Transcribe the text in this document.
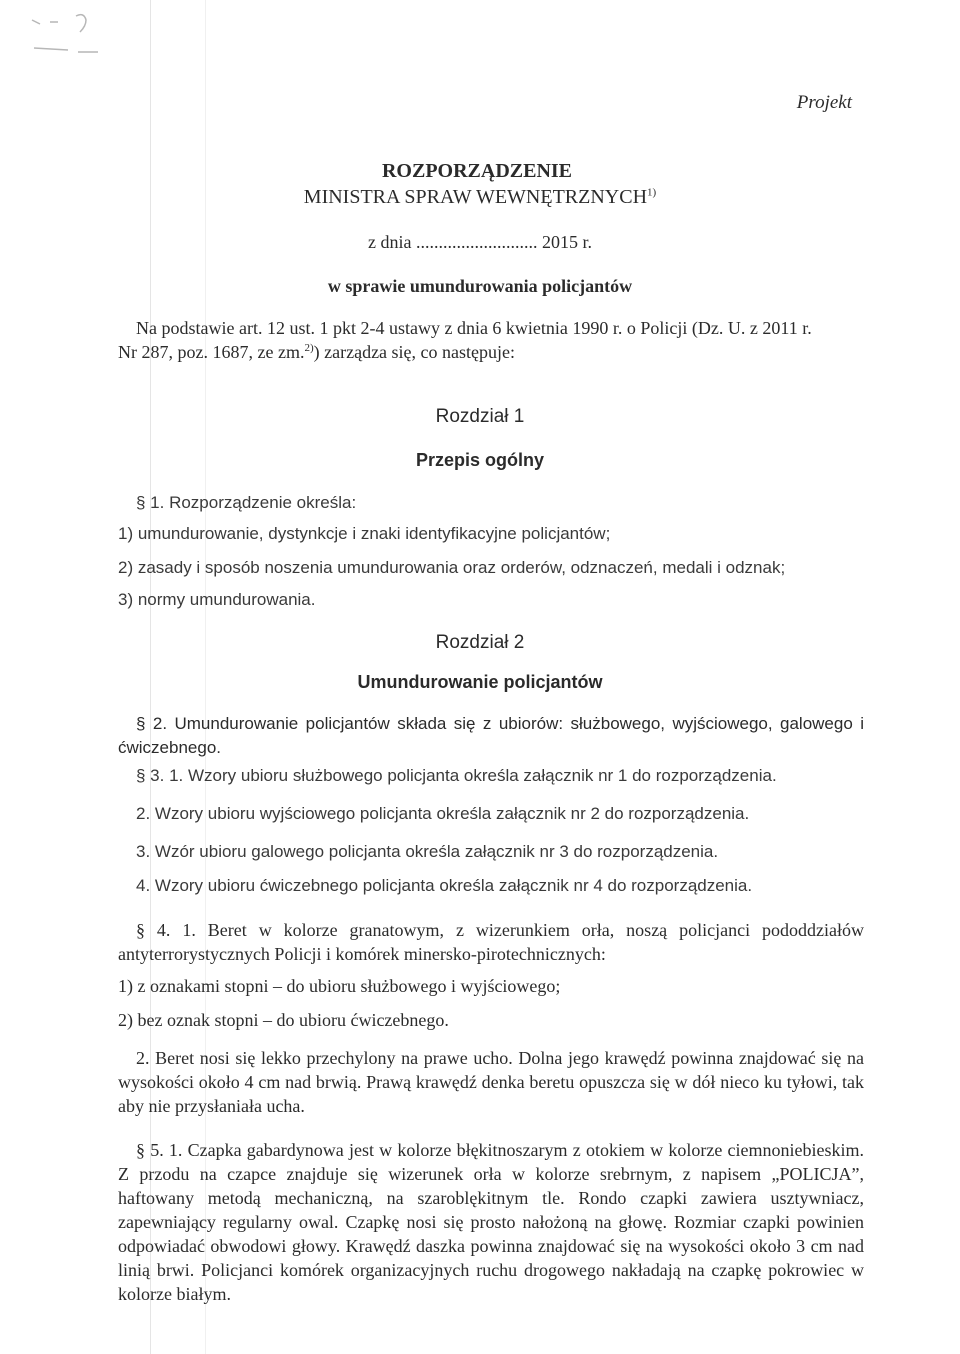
Projekt
ROZPORZĄDZENIE
MINISTRA SPRAW WEWNĘTRZNYCH$^{1)}$
z dnia ........................... 2015 r.
w sprawie umundurowania policjantów
Na podstawie art. 12 ust. 1 pkt 2-4 ustawy z dnia 6 kwietnia 1990 r. o Policji (Dz. U. z 2011 r.
Nr 287, poz. 1687, ze zm.$^{2)}$) zarządza się, co następuje:
Rozdział 1
Przepis ogólny
§ 1. Rozporządzenie określa:
1) umundurowanie, dystynkcje i znaki identyfikacyjne policjantów;
2) zasady i sposób noszenia umundurowania oraz orderów, odznaczeń, medali i odznak;
3) normy umundurowania.
Rozdział 2
Umundurowanie policjantów
§ 2. Umundurowanie policjantów składa się z ubiorów: służbowego, wyjściowego, galowego i ćwiczebnego.
§ 3. 1. Wzory ubioru służbowego policjanta określa załącznik nr 1 do rozporządzenia.
2. Wzory ubioru wyjściowego policjanta określa załącznik nr 2 do rozporządzenia.
3. Wzór ubioru galowego policjanta określa załącznik nr 3 do rozporządzenia.
4. Wzory ubioru ćwiczebnego policjanta określa załącznik nr 4 do rozporządzenia.
§ 4. 1. Beret w kolorze granatowym, z wizerunkiem orła, noszą policjanci pododdziałów antyterrorystycznych Policji i komórek minersko-pirotechnicznych:
1) z oznakami stopni – do ubioru służbowego i wyjściowego;
2) bez oznak stopni – do ubioru ćwiczebnego.
2. Beret nosi się lekko przechylony na prawe ucho. Dolna jego krawędź powinna znajdować się na wysokości około 4 cm nad brwią. Prawą krawędź denka beretu opuszcza się w dół nieco ku tyłowi, tak aby nie przysłaniała ucha.
§ 5. 1. Czapka gabardynowa jest w kolorze błękitnoszarym z otokiem w kolorze ciemnoniebieskim. Z przodu na czapce znajduje się wizerunek orła w kolorze srebrnym, z napisem „POLICJA”, haftowany metodą mechaniczną, na szaroblękitnym tle. Rondo czapki zawiera usztywniacz, zapewniający regularny owal. Czapkę nosi się prosto nałożoną na głowę. Rozmiar czapki powinien odpowiadać obwodowi głowy. Krawędź daszka powinna znajdować się na wysokości około 3 cm nad linią brwi. Policjanci komórek organizacyjnych ruchu drogowego nakładają na czapkę pokrowiec w kolorze białym.
